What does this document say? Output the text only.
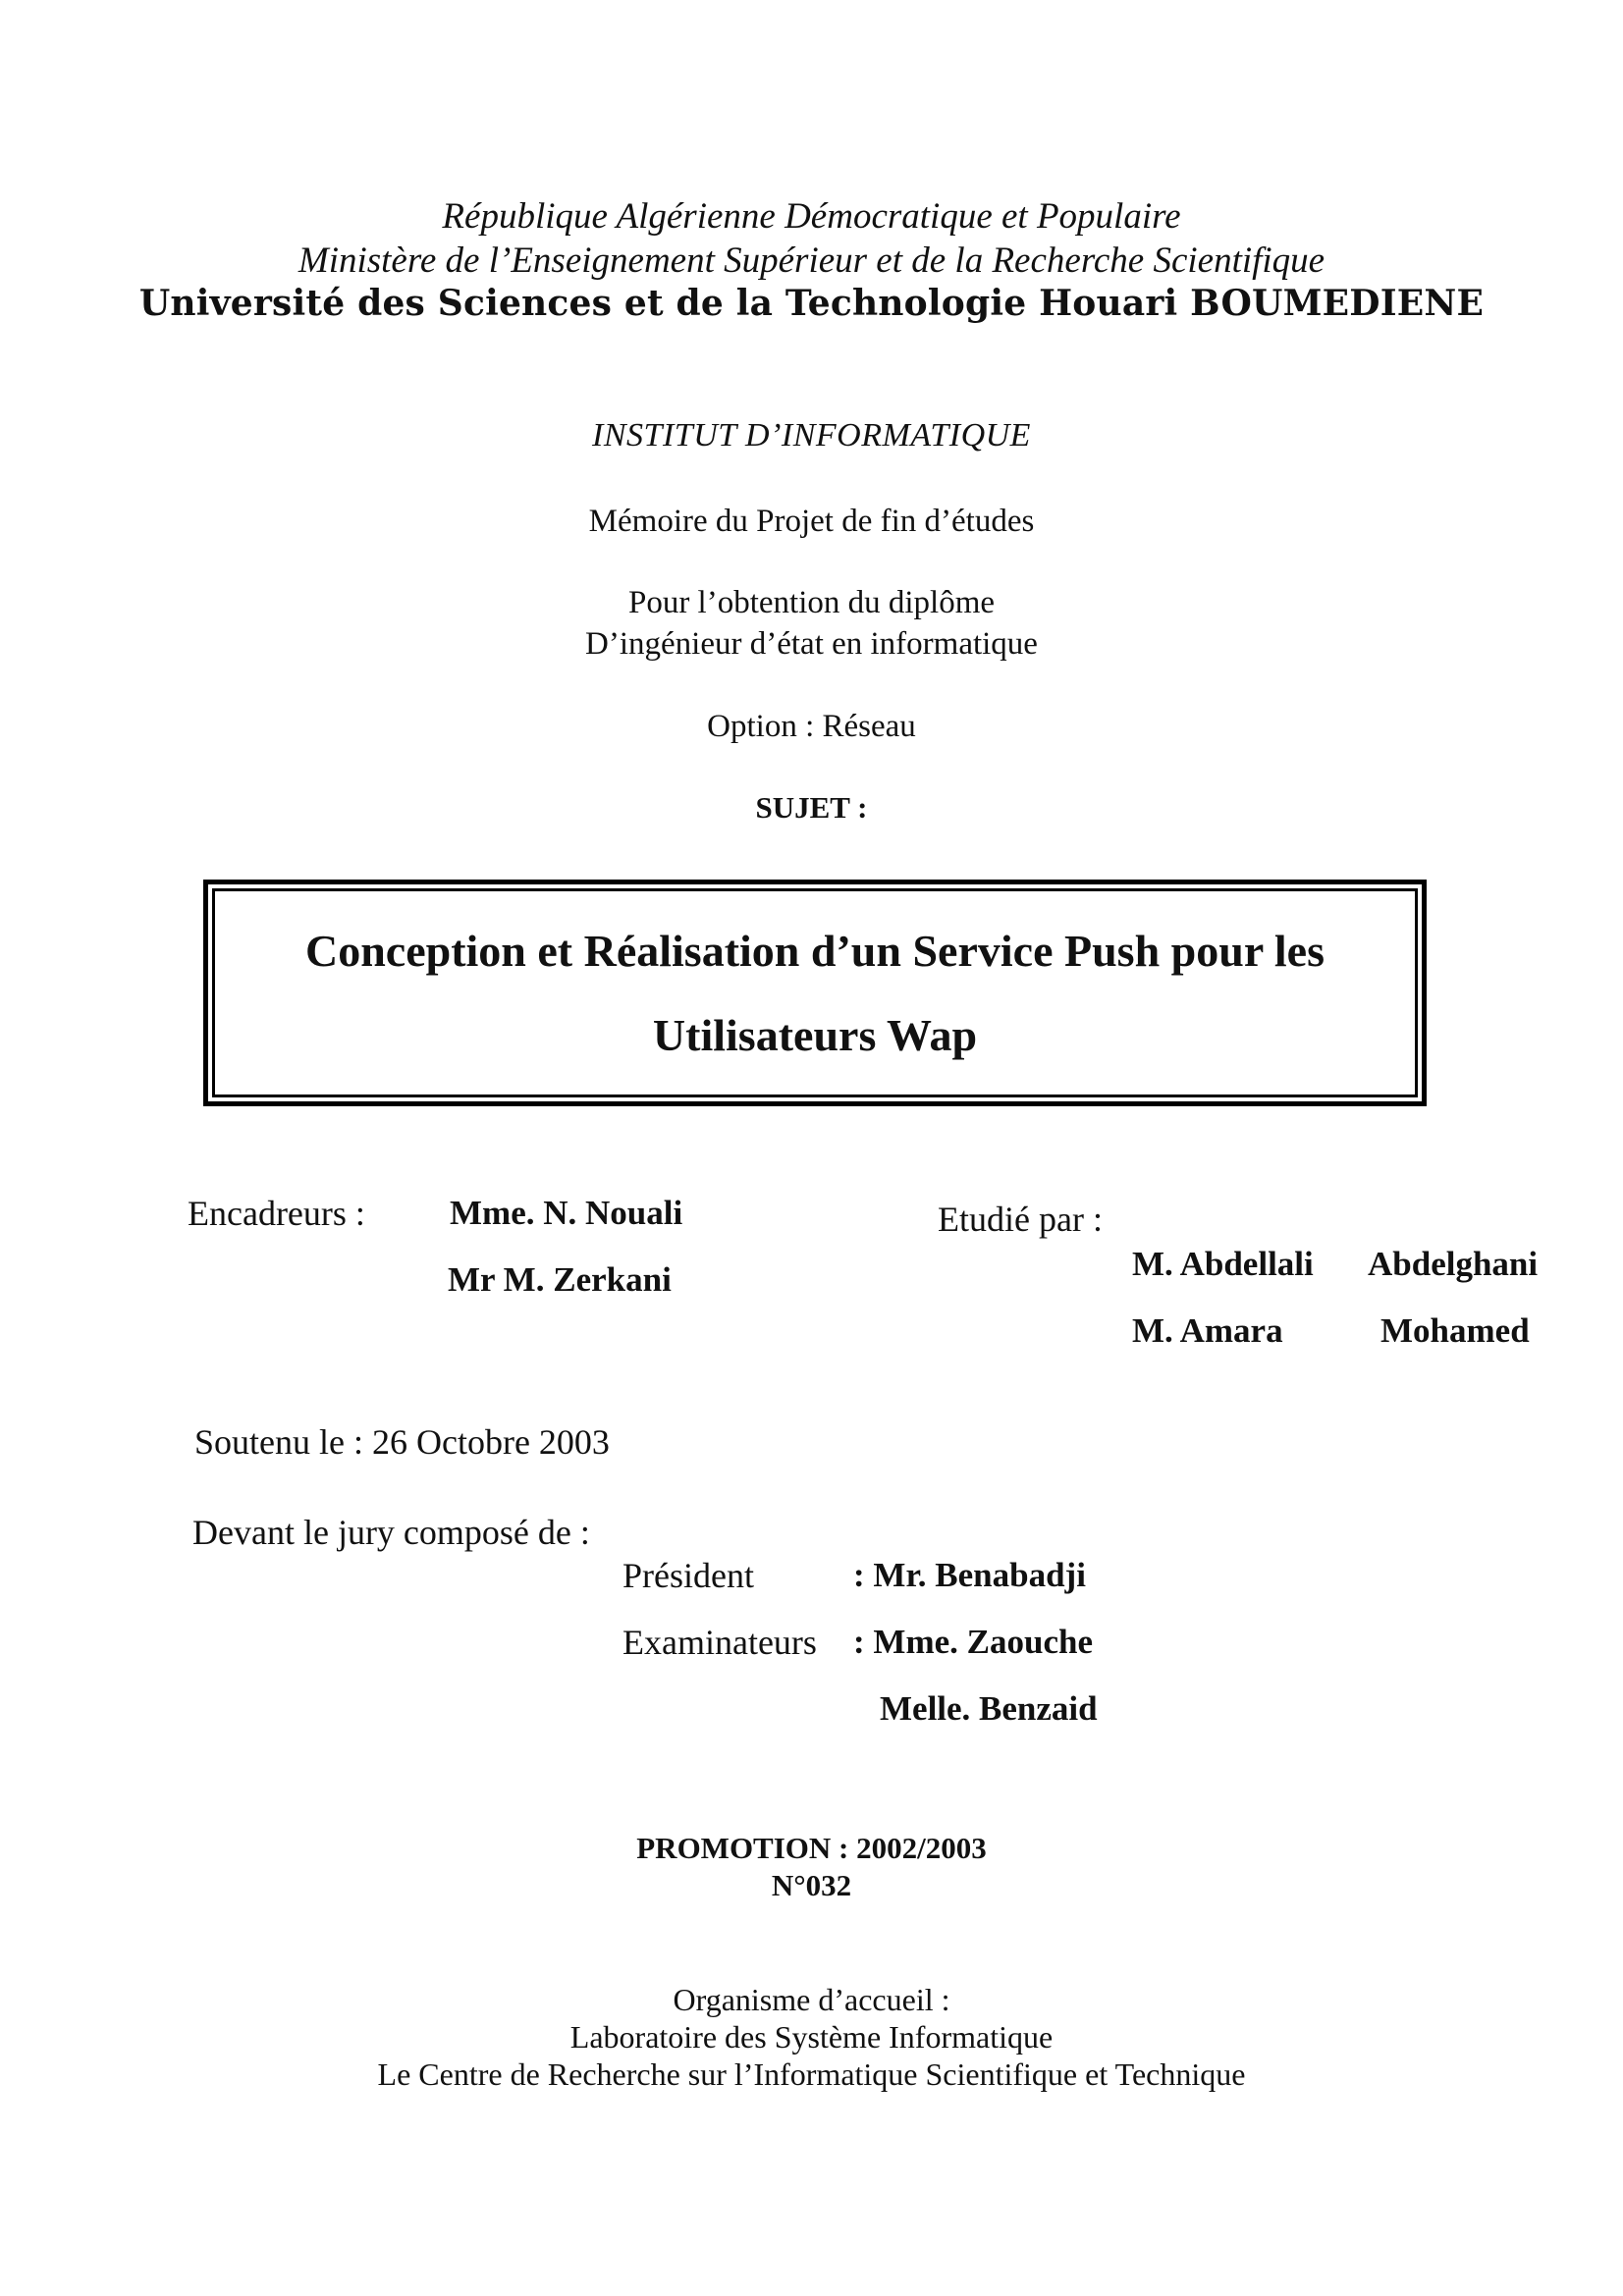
République Algérienne Démocratique et Populaire
Ministère de l’Enseignement Supérieur et de la Recherche Scientifique
Université des Sciences et de la Technologie Houari BOUMEDIENE
INSTITUT D’INFORMATIQUE
Mémoire du Projet de fin d’études
Pour l’obtention du diplôme
D’ingénieur d’état en informatique
Option : Réseau
SUJET :
Conception et Réalisation d’un Service Push pour les
Utilisateurs Wap
Encadreurs : Mme. N. Nouali
Mr M. Zerkani
Etudié par :
M. Abdellali Abdelghani
M. Amara	Mohamed
Soutenu le : 26 Octobre 2003
Devant le jury composé de :
Président	: Mr. Benabadji
Examinateurs : Mme. Zaouche
Melle. Benzaid
PROMOTION : 2002/2003
N°032
Organisme d’accueil :
Laboratoire des Système Informatique
Le Centre de Recherche sur l’Informatique Scientifique et Technique
